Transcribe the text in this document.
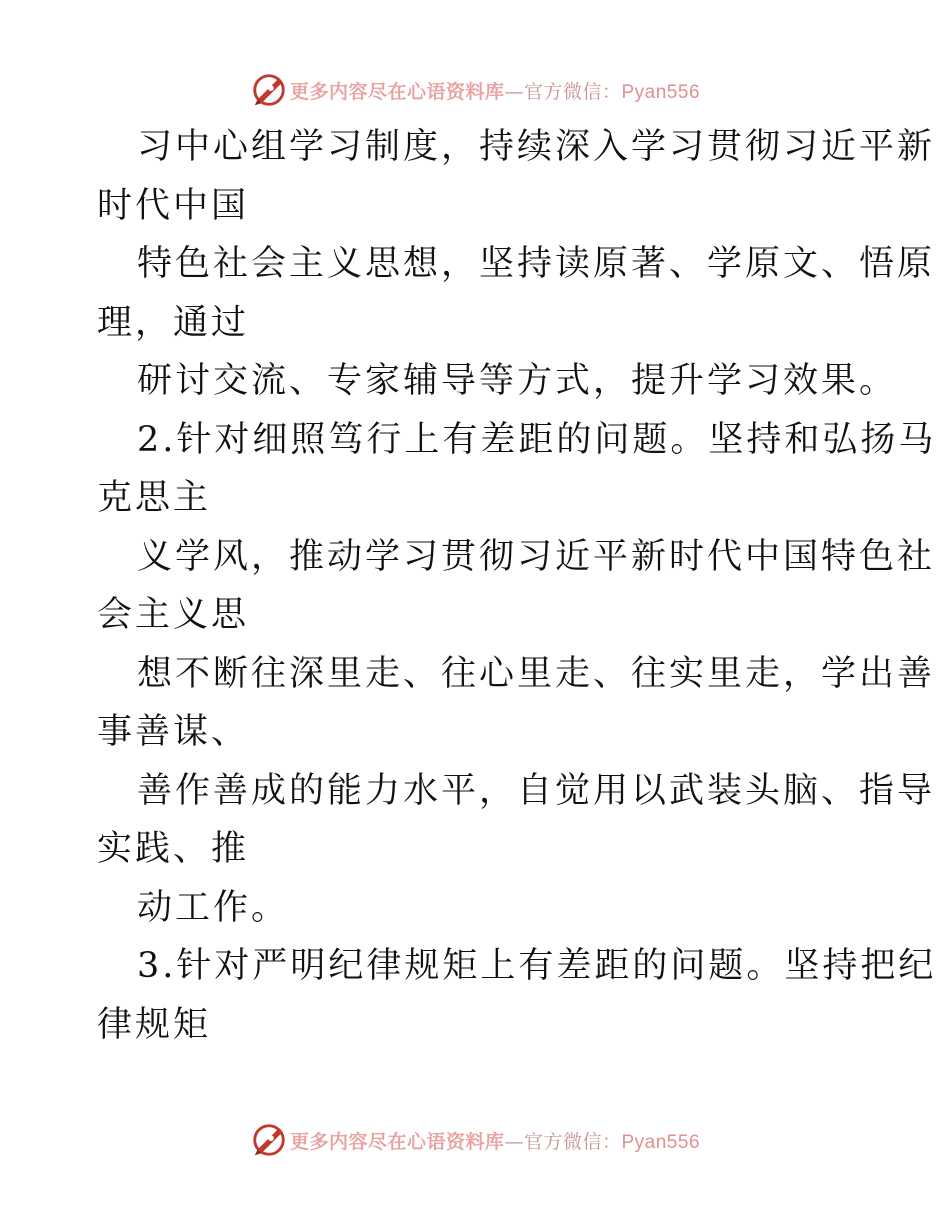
更多内容尽在心语资料库—官方微信：Pyan556
习中心组学习制度，持续深入学习贯彻习近平新
时代中国
特色社会主义思想，坚持读原著、学原文、悟原
理，通过
研讨交流、专家辅导等方式，提升学习效果。
2.针对细照笃行上有差距的问题。坚持和弘扬马
克思主
义学风，推动学习贯彻习近平新时代中国特色社
会主义思
想不断往深里走、往心里走、往实里走，学出善
事善谋、
善作善成的能力水平，自觉用以武装头脑、指导
实践、推
动工作。
3.针对严明纪律规矩上有差距的问题。坚持把纪
律规矩
更多内容尽在心语资料库—官方微信：Pyan556
